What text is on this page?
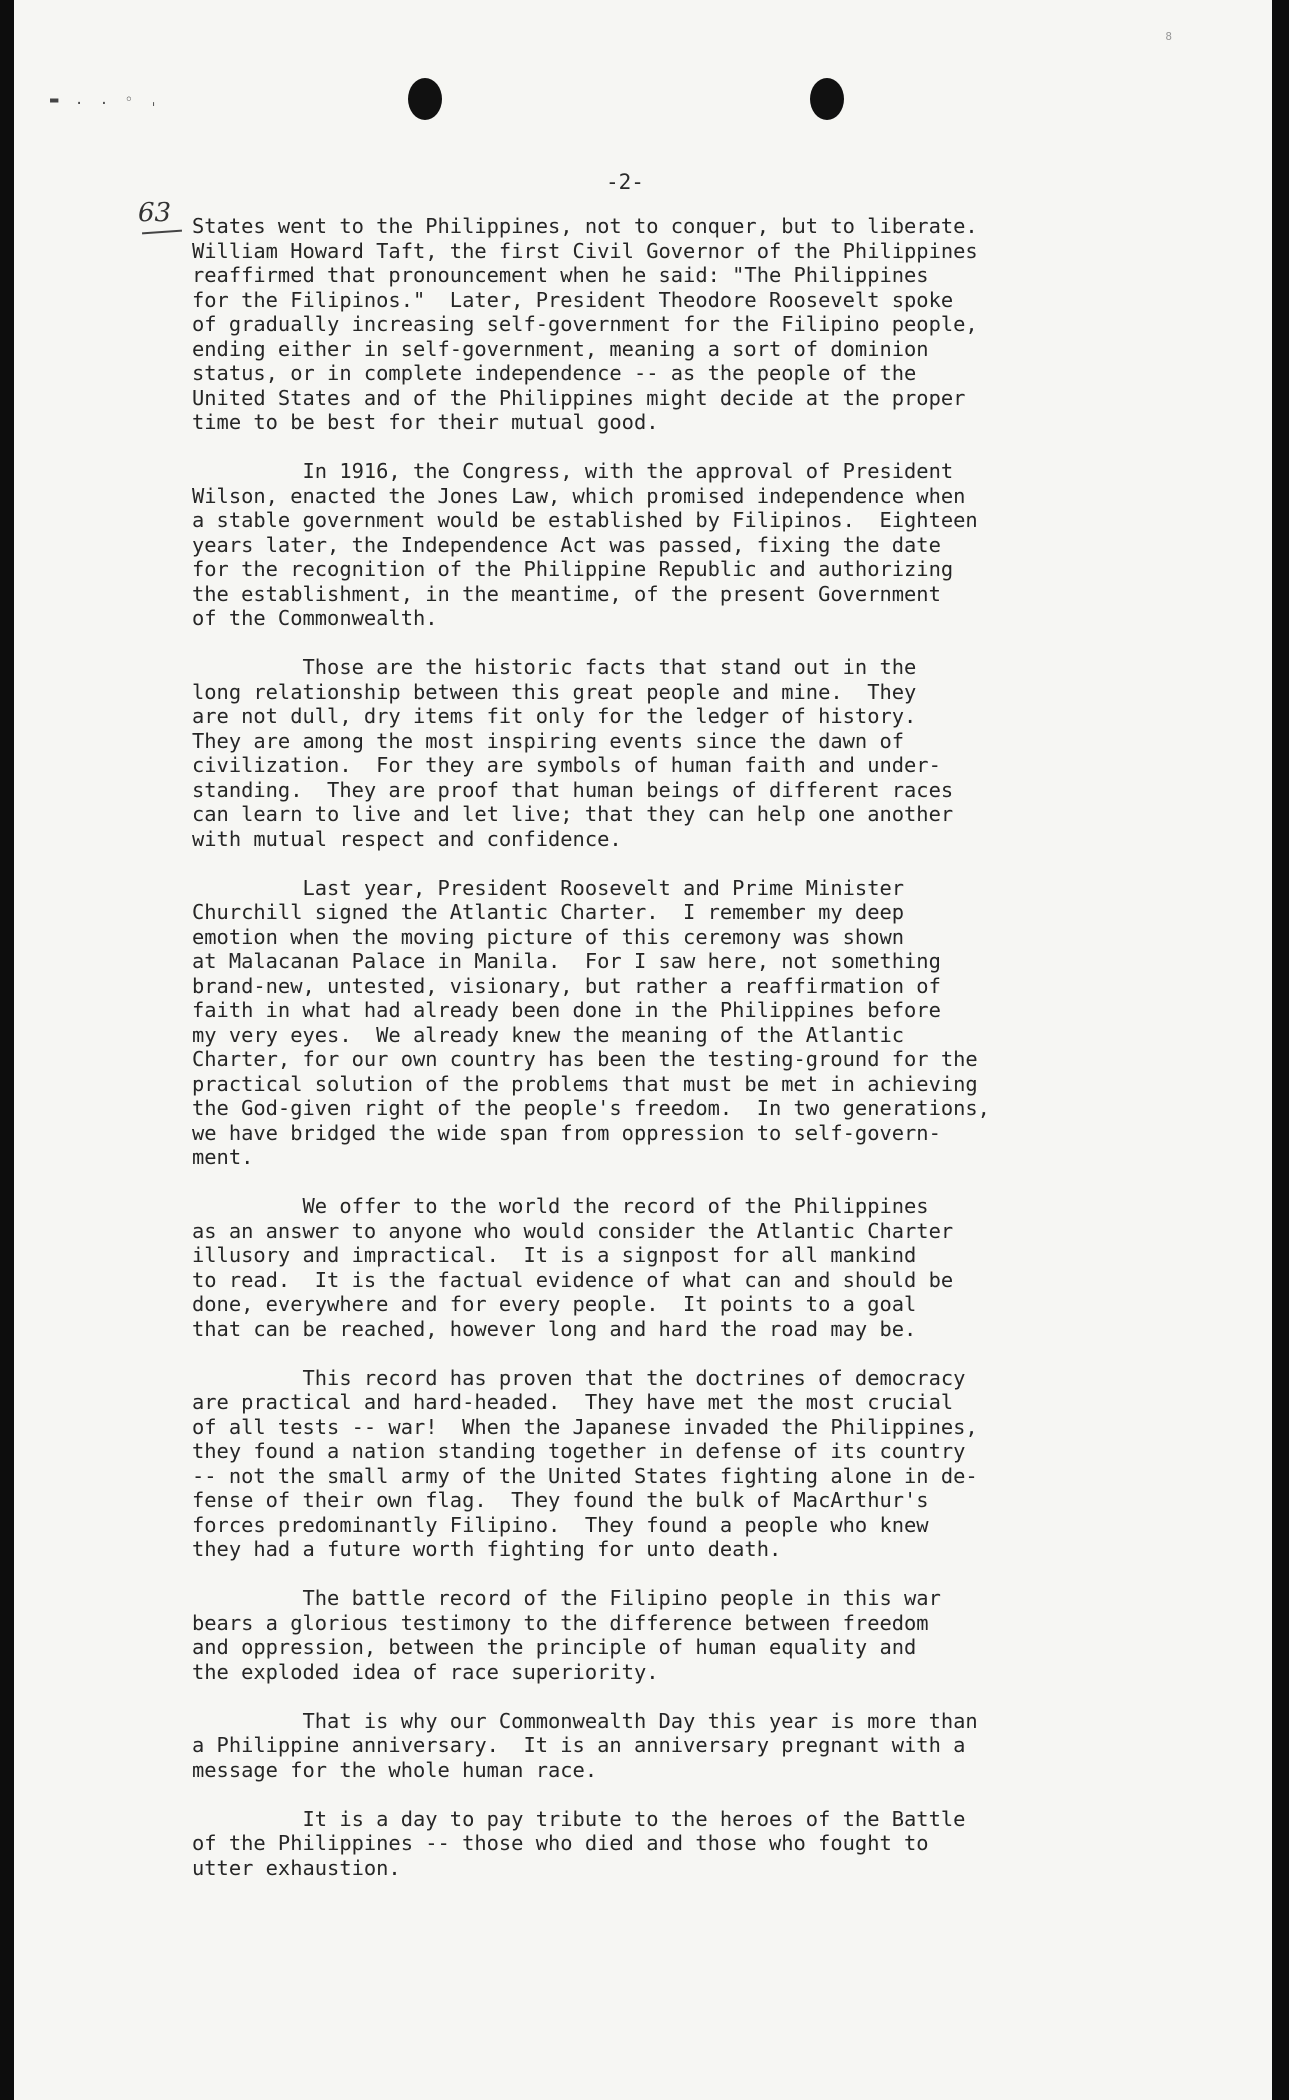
▬ . . ◦ ˌ
8
-2-
63 States went to the Philippines, not to conquer, but to liberate.
William Howard Taft, the first Civil Governor of the Philippines
reaffirmed that pronouncement when he said: "The Philippines
for the Filipinos."  Later, President Theodore Roosevelt spoke
of gradually increasing self-government for the Filipino people,
ending either in self-government, meaning a sort of dominion
status, or in complete independence -- as the people of the
United States and of the Philippines might decide at the proper
time to be best for their mutual good.
In 1916, the Congress, with the approval of President
Wilson, enacted the Jones Law, which promised independence when
a stable government would be established by Filipinos.  Eighteen
years later, the Independence Act was passed, fixing the date
for the recognition of the Philippine Republic and authorizing
the establishment, in the meantime, of the present Government
of the Commonwealth.
Those are the historic facts that stand out in the
long relationship between this great people and mine.  They
are not dull, dry items fit only for the ledger of history.
They are among the most inspiring events since the dawn of
civilization.  For they are symbols of human faith and under-
standing.  They are proof that human beings of different races
can learn to live and let live; that they can help one another
with mutual respect and confidence.
Last year, President Roosevelt and Prime Minister
Churchill signed the Atlantic Charter.  I remember my deep
emotion when the moving picture of this ceremony was shown
at Malacanan Palace in Manila.  For I saw here, not something
brand-new, untested, visionary, but rather a reaffirmation of
faith in what had already been done in the Philippines before
my very eyes.  We already knew the meaning of the Atlantic
Charter, for our own country has been the testing-ground for the
practical solution of the problems that must be met in achieving
the God-given right of the people's freedom.  In two generations,
we have bridged the wide span from oppression to self-govern-
ment.
We offer to the world the record of the Philippines
as an answer to anyone who would consider the Atlantic Charter
illusory and impractical.  It is a signpost for all mankind
to read.  It is the factual evidence of what can and should be
done, everywhere and for every people.  It points to a goal
that can be reached, however long and hard the road may be.
This record has proven that the doctrines of democracy
are practical and hard-headed.  They have met the most crucial
of all tests -- war!  When the Japanese invaded the Philippines,
they found a nation standing together in defense of its country
-- not the small army of the United States fighting alone in de-
fense of their own flag.  They found the bulk of MacArthur's
forces predominantly Filipino.  They found a people who knew
they had a future worth fighting for unto death.
The battle record of the Filipino people in this war
bears a glorious testimony to the difference between freedom
and oppression, between the principle of human equality and
the exploded idea of race superiority.
That is why our Commonwealth Day this year is more than
a Philippine anniversary.  It is an anniversary pregnant with a
message for the whole human race.
It is a day to pay tribute to the heroes of the Battle
of the Philippines -- those who died and those who fought to
utter exhaustion.
